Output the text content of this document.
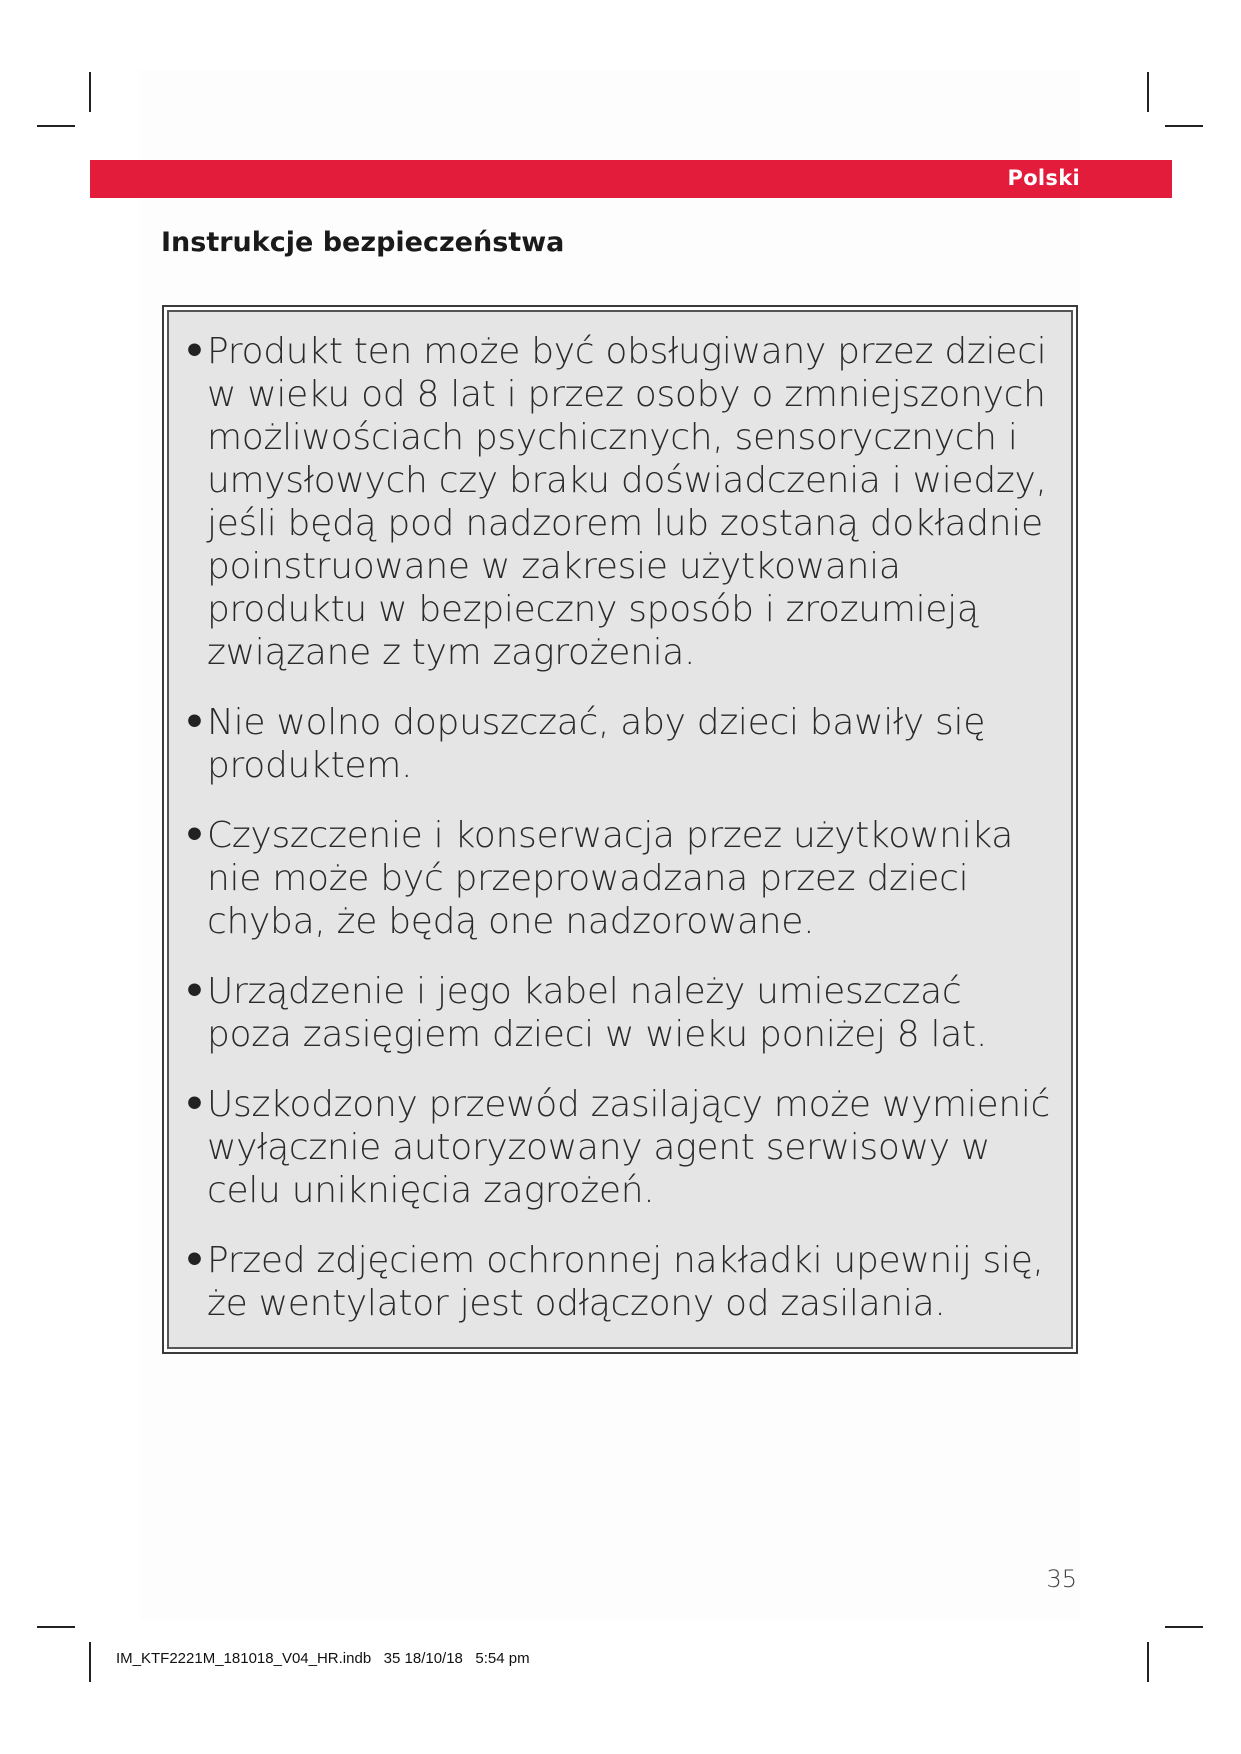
Polski
Instrukcje bezpieczeństwa
• Produkt ten może być obsługiwany przez dzieci w wieku od 8 lat i przez osoby o zmniejszonych możliwościach psychicznych, sensorycznych i umysłowych czy braku doświadczenia i wiedzy, jeśli będą pod nadzorem lub zostaną dokładnie poinstruowane w zakresie użytkowania produktu w bezpieczny sposób i zrozumieją związane z tym zagrożenia.
• Nie wolno dopuszczać, aby dzieci bawiły się produktem.
• Czyszczenie i konserwacja przez użytkownika nie może być przeprowadzana przez dzieci chyba, że będą one nadzorowane.
• Urządzenie i jego kabel należy umieszczać poza zasięgiem dzieci w wieku poniżej 8 lat.
• Uszkodzony przewód zasilający może wymienić wyłącznie autoryzowany agent serwisowy w celu uniknięcia zagrożeń.
• Przed zdjęciem ochronnej nakładki upewnij się, że wentylator jest odłączony od zasilania.
35
IM_KTF2221M_181018_V04_HR.indb   35 18/10/18   5:54 pm
